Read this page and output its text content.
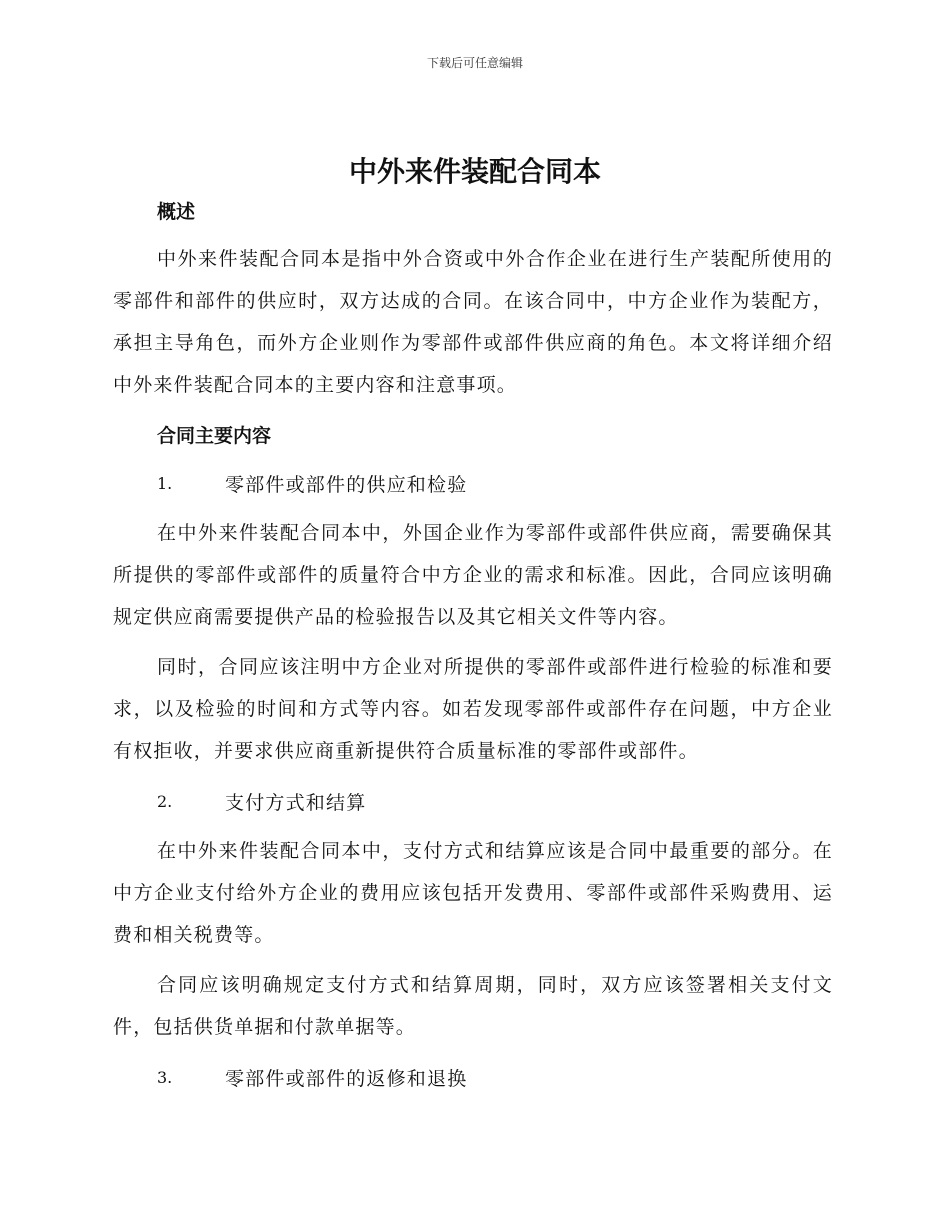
下载后可任意编辑
中外来件装配合同本
概述

中外来件装配合同本是指中外合资或中外合作企业在进行生产装配所使用的零部件和部件的供应时，双方达成的合同。在该合同中，中方企业作为装配方，承担主导角色，而外方企业则作为零部件或部件供应商的角色。本文将详细介绍中外来件装配合同本的主要内容和注意事项。

合同主要内容
1.	零部件或部件的供应和检验

在中外来件装配合同本中，外国企业作为零部件或部件供应商，需要确保其所提供的零部件或部件的质量符合中方企业的需求和标准。因此，合同应该明确规定供应商需要提供产品的检验报告以及其它相关文件等内容。

同时，合同应该注明中方企业对所提供的零部件或部件进行检验的标准和要求，以及检验的时间和方式等内容。如若发现零部件或部件存在问题，中方企业有权拒收，并要求供应商重新提供符合质量标准的零部件或部件。

2.	支付方式和结算

在中外来件装配合同本中，支付方式和结算应该是合同中最重要的部分。在中方企业支付给外方企业的费用应该包括开发费用、零部件或部件采购费用、运费和相关税费等。

合同应该明确规定支付方式和结算周期，同时，双方应该签署相关支付文件，包括供货单据和付款单据等。

3.	零部件或部件的返修和退换
